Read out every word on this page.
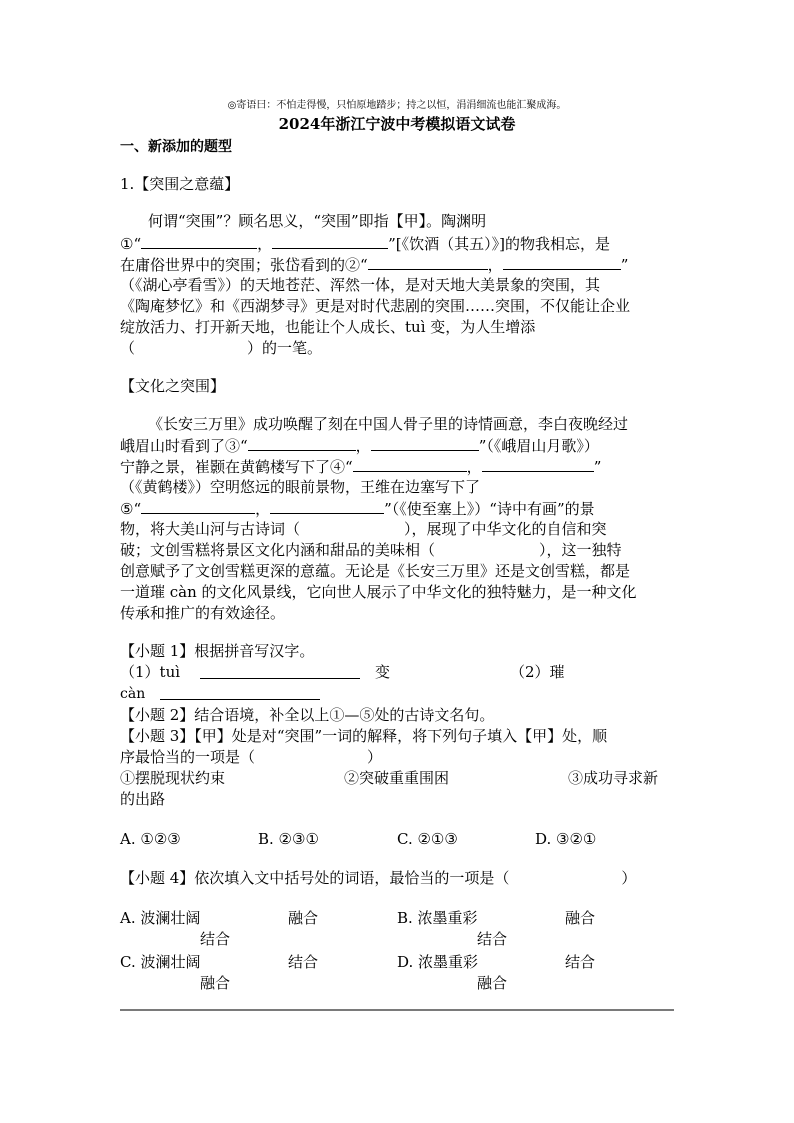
◎寄语曰：不怕走得慢，只怕原地踏步；持之以恒，涓涓细流也能汇聚成海。
2024年浙江宁波中考模拟语文试卷
一、新添加的题型
1.【突围之意蕴】
何谓“突围”？顾名思义，“突围”即指【甲】。陶渊明
①“	，	”[《饮酒（其五）》]的物我相忘，是
在庸俗世界中的突围；张岱看到的②“	，	”
（《湖心亭看雪》）的天地苍茫、浑然一体，是对天地大美景象的突围，其
《陶庵梦忆》和《西湖梦寻》更是对时代悲剧的突围……突围，不仅能让企业
绽放活力、打开新天地，也能让个人成长、tuì 变，为人生增添
（	）的一笔。
【文化之突围】
《长安三万里》成功唤醒了刻在中国人骨子里的诗情画意，李白夜晚经过
峨眉山时看到了③“	，	”（《峨眉山月歌》）
宁静之景，崔颢在黄鹤楼写下了④“	，	”
（《黄鹤楼》）空明悠远的眼前景物，王维在边塞写下了
⑤“	，	”（《使至塞上》）“诗中有画”的景
物，将大美山河与古诗词（	），展现了中华文化的自信和突
破；文创雪糕将景区文化内涵和甜品的美味相（	），这一独特
创意赋予了文创雪糕更深的意蕴。无论是《长安三万里》还是文创雪糕，都是
一道璀 càn 的文化风景线，它向世人展示了中华文化的独特魅力，是一种文化
传承和推广的有效途径。
【小题 1】根据拼音写汉字。
（1）tuì	变	（2）璀
càn
【小题 2】结合语境，补全以上①—⑤处的古诗文名句。
【小题 3】【甲】处是对“突围”一词的解释，将下列句子填入【甲】处，顺
序最恰当的一项是（	）
①摆脱现状约束	②突破重重围困	③成功寻求新
的出路
A. ①②③	B. ②③①	C. ②①③	D. ③②①
【小题 4】依次填入文中括号处的词语，最恰当的一项是（	）
A. 波澜壮阔	融合
结合
B. 浓墨重彩	融合
结合
C. 波澜壮阔	结合
融合
D. 浓墨重彩	结合
融合
